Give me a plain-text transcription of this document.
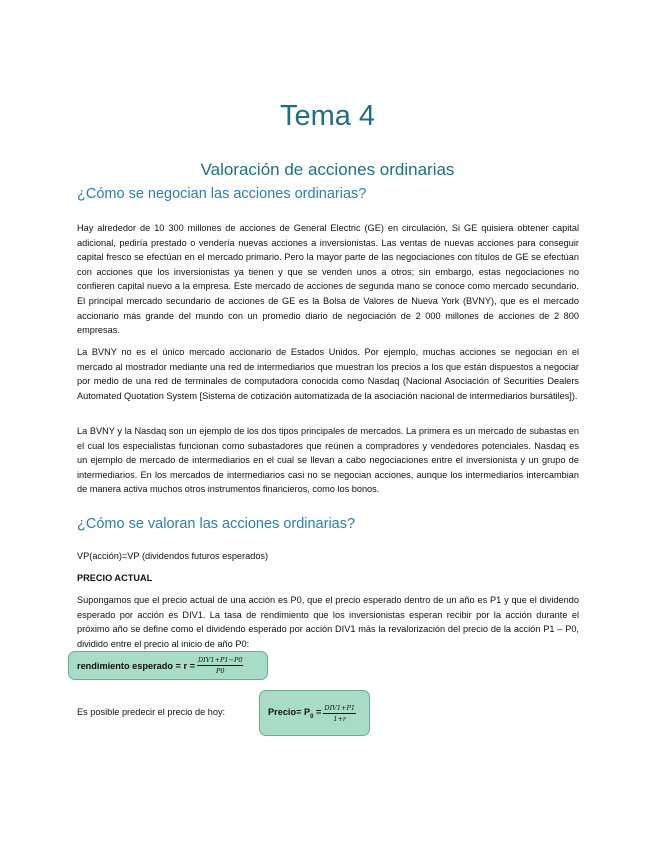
Tema 4
Valoración de acciones ordinarias
¿Cómo se negocian las acciones ordinarias?

Hay alrededor de 10 300 millones de acciones de General Electric (GE) en circulación, Si GE quisiera obtener capital adicional, pediría prestado o vendería nuevas acciones a inversionistas. Las ventas de nuevas acciones para conseguir capital fresco se efectúan en el mercado primario. Pero la mayor parte de las negociaciones con títulos de GE se efectúan con acciones que los inversionistas ya tienen y que se venden unos a otros; sin embargo, estas negociaciones no confieren capital nuevo a la empresa. Este mercado de acciones de segunda mano se conoce como mercado secundario. El principal mercado secundario de acciones de GE es la Bolsa de Valores de Nueva York (BVNY), que es el mercado accionario más grande del mundo con un promedio diario de negociación de 2 000 millones de acciones de 2 800 empresas.

La BVNY no es el único mercado accionario de Estados Unidos. Por ejemplo, muchas acciones se negocian en el mercado al mostrador mediante una red de intermediarios que muestran los precios a los que están dispuestos a negociar por medio de una red de terminales de computadora conocida como Nasdaq (Nacional Asociación of Securities Dealers Automated Quotation System [Sistema de cotización automatizada de la asociación nacional de intermediarios bursátiles]).

La BVNY y la Nasdaq son un ejemplo de los dos tipos principales de mercados. La primera es un mercado de subastas en el cual los especialistas funcionan como subastadores que reúnen a compradores y vendedores potenciales. Nasdaq es un ejemplo de mercado de intermediarios en el cual se llevan a cabo negociaciones entre el inversionista y un grupo de intermediarios. En los mercados de intermediarios casi no se negocian acciones, aunque los intermediarios intercambian de manera activa muchos otros instrumentos financieros, como los bonos.

¿Cómo se valoran las acciones ordinarias?

VP(acción)=VP (dividendos futuros esperados)

PRECIO ACTUAL

Supongamos que el precio actual de una acción es P0, que el precio esperado dentro de un año es P1 y que el dividendo esperado por acción es DIV1. La tasa de rendimiento que los inversionistas esperan recibir por la acción durante el próximo año se define como el dividendo esperado por acción DIV1 más la revalorización del precio de la acción P1 – P0, dividido entre el precio al inicio de año P0:

rendimiento esperado = $r = \frac{\text{DIV1+P1−P0}}{P0}$

Es posible predecir el precio de hoy:	Precio= $P_0 = \frac{\text{DIV1+P1}}{1+r}$
